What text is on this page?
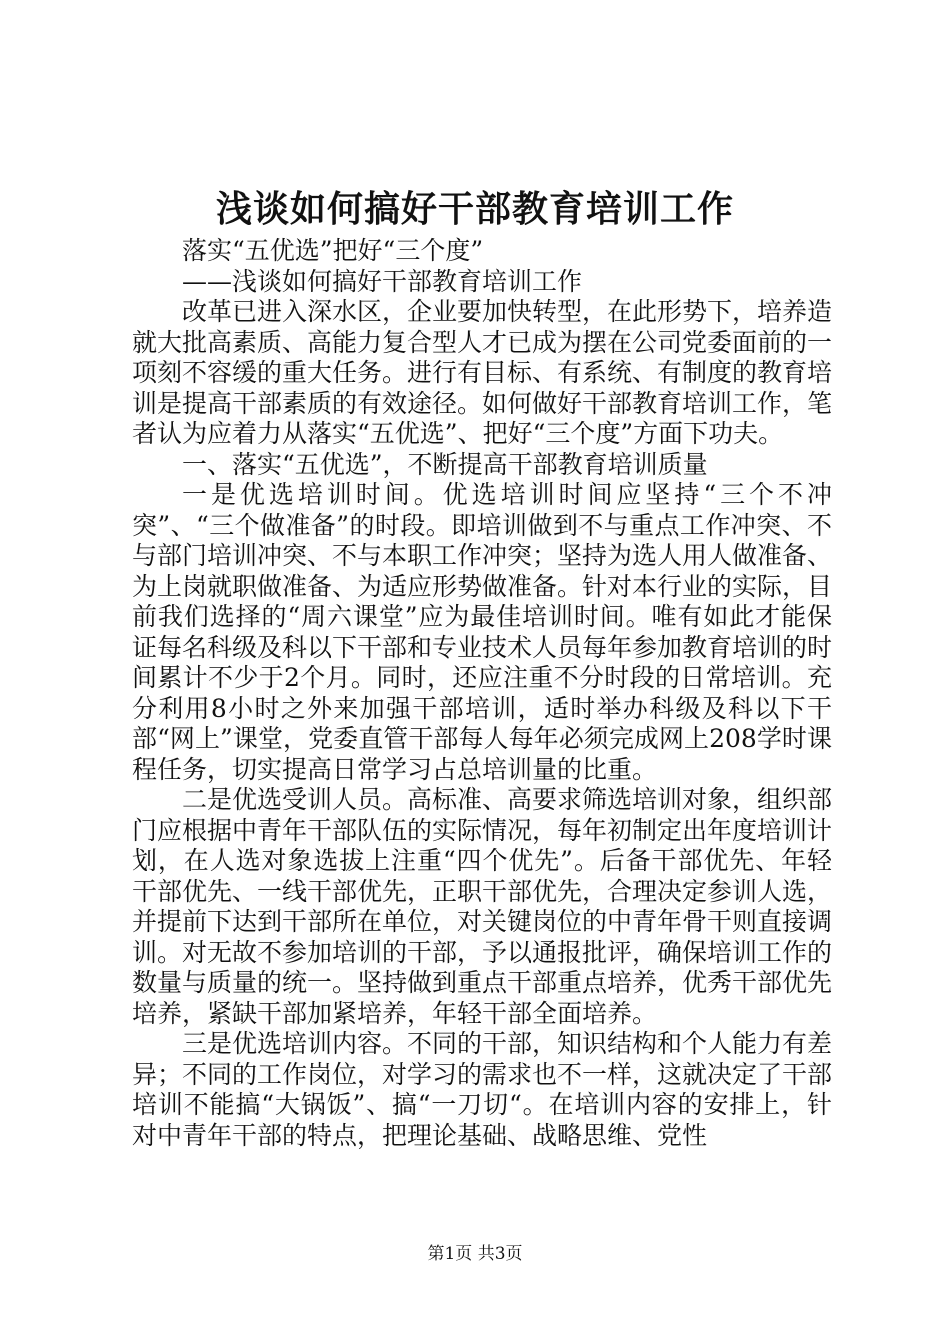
浅谈如何搞好干部教育培训工作

落实“五优选”把好“三个度”

——浅谈如何搞好干部教育培训工作

改革已进入深水区，企业要加快转型，在此形势下，培养造就大批高素质、高能力复合型人才已成为摆在公司党委面前的一项刻不容缓的重大任务。进行有目标、有系统、有制度的教育培训是提高干部素质的有效途径。如何做好干部教育培训工作，笔者认为应着力从落实“五优选”、把好“三个度”方面下功夫。

一、落实“五优选”，不断提高干部教育培训质量

一是优选培训时间。优选培训时间应坚持“三个不冲突”、“三个做准备”的时段。即培训做到不与重点工作冲突、不与部门培训冲突、不与本职工作冲突；坚持为选人用人做准备、为上岗就职做准备、为适应形势做准备。针对本行业的实际，目前我们选择的“周六课堂”应为最佳培训时间。唯有如此才能保证每名科级及科以下干部和专业技术人员每年参加教育培训的时间累计不少于2个月。同时，还应注重不分时段的日常培训。充分利用8小时之外来加强干部培训，适时举办科级及科以下干部“网上”课堂，党委直管干部每人每年必须完成网上208学时课程任务，切实提高日常学习占总培训量的比重。

二是优选受训人员。高标准、高要求筛选培训对象，组织部门应根据中青年干部队伍的实际情况，每年初制定出年度培训计划，在人选对象选拔上注重“四个优先”。后备干部优先、年轻干部优先、一线干部优先，正职干部优先，合理决定参训人选，并提前下达到干部所在单位，对关键岗位的中青年骨干则直接调训。对无故不参加培训的干部，予以通报批评，确保培训工作的数量与质量的统一。坚持做到重点干部重点培养，优秀干部优先培养，紧缺干部加紧培养，年轻干部全面培养。

三是优选培训内容。不同的干部，知识结构和个人能力有差异；不同的工作岗位，对学习的需求也不一样，这就决定了干部培训不能搞“大锅饭”、搞“一刀切“。在培训内容的安排上，针对中青年干部的特点，把理论基础、战略思维、党性

第1页 共3页
